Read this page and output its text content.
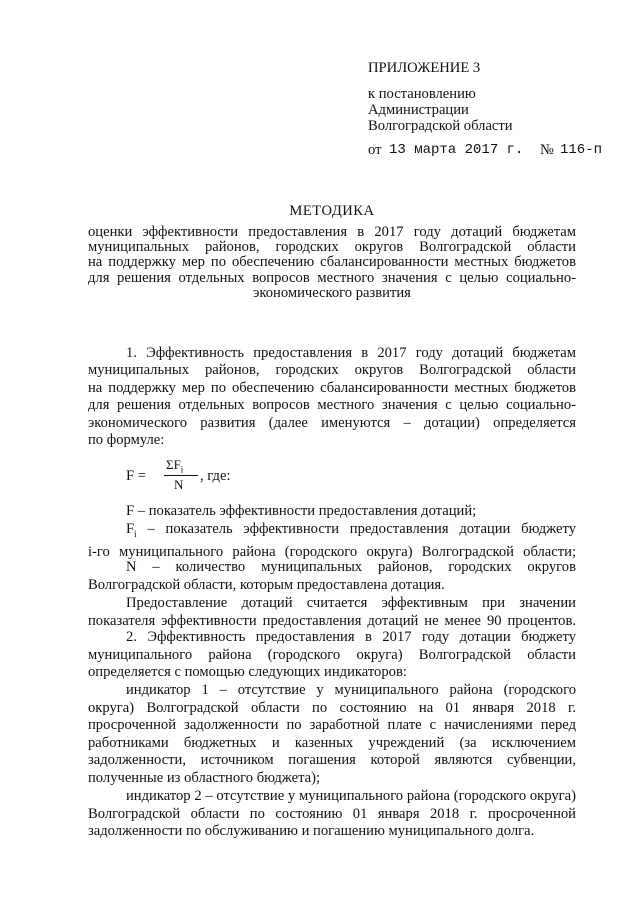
ПРИЛОЖЕНИЕ 3
к постановлению
Администрации
Волгоградской области
от 13 марта 2017 г. № 116-п
МЕТОДИКА
оценки эффективности предоставления в 2017 году дотаций бюджетам
муниципальных районов, городских округов Волгоградской области
на поддержку мер по обеспечению сбалансированности местных бюджетов
для решения отдельных вопросов местного значения с целью социально-
экономического развития
1. Эффективность предоставления в 2017 году дотаций бюджетам
муниципальных районов, городских округов Волгоградской области
на поддержку мер по обеспечению сбалансированности местных бюджетов
для решения отдельных вопросов местного значения с целью социально-
экономического развития (далее именуются – дотации) определяется
по формуле:
F =
$\Sigma F_i$
N
, где:
F – показатель эффективности предоставления дотаций;
$F_i$ – показатель эффективности предоставления дотации бюджету
i-го муниципального района (городского округа) Волгоградской области;
N – количество муниципальных районов, городских округов
Волгоградской области, которым предоставлена дотация.
Предоставление дотаций считается эффективным при значении
показателя эффективности предоставления дотаций не менее 90 процентов.
2. Эффективность предоставления в 2017 году дотации бюджету
муниципального района (городского округа) Волгоградской области
определяется с помощью следующих индикаторов:
индикатор 1 – отсутствие у муниципального района (городского
округа) Волгоградской области по состоянию на 01 января 2018 г.
просроченной задолженности по заработной плате с начислениями перед
работниками бюджетных и казенных учреждений (за исключением
задолженности, источником погашения которой являются субвенции,
полученные из областного бюджета);
индикатор 2 – отсутствие у муниципального района (городского округа)
Волгоградской области по состоянию 01 января 2018 г. просроченной
задолженности по обслуживанию и погашению муниципального долга.
